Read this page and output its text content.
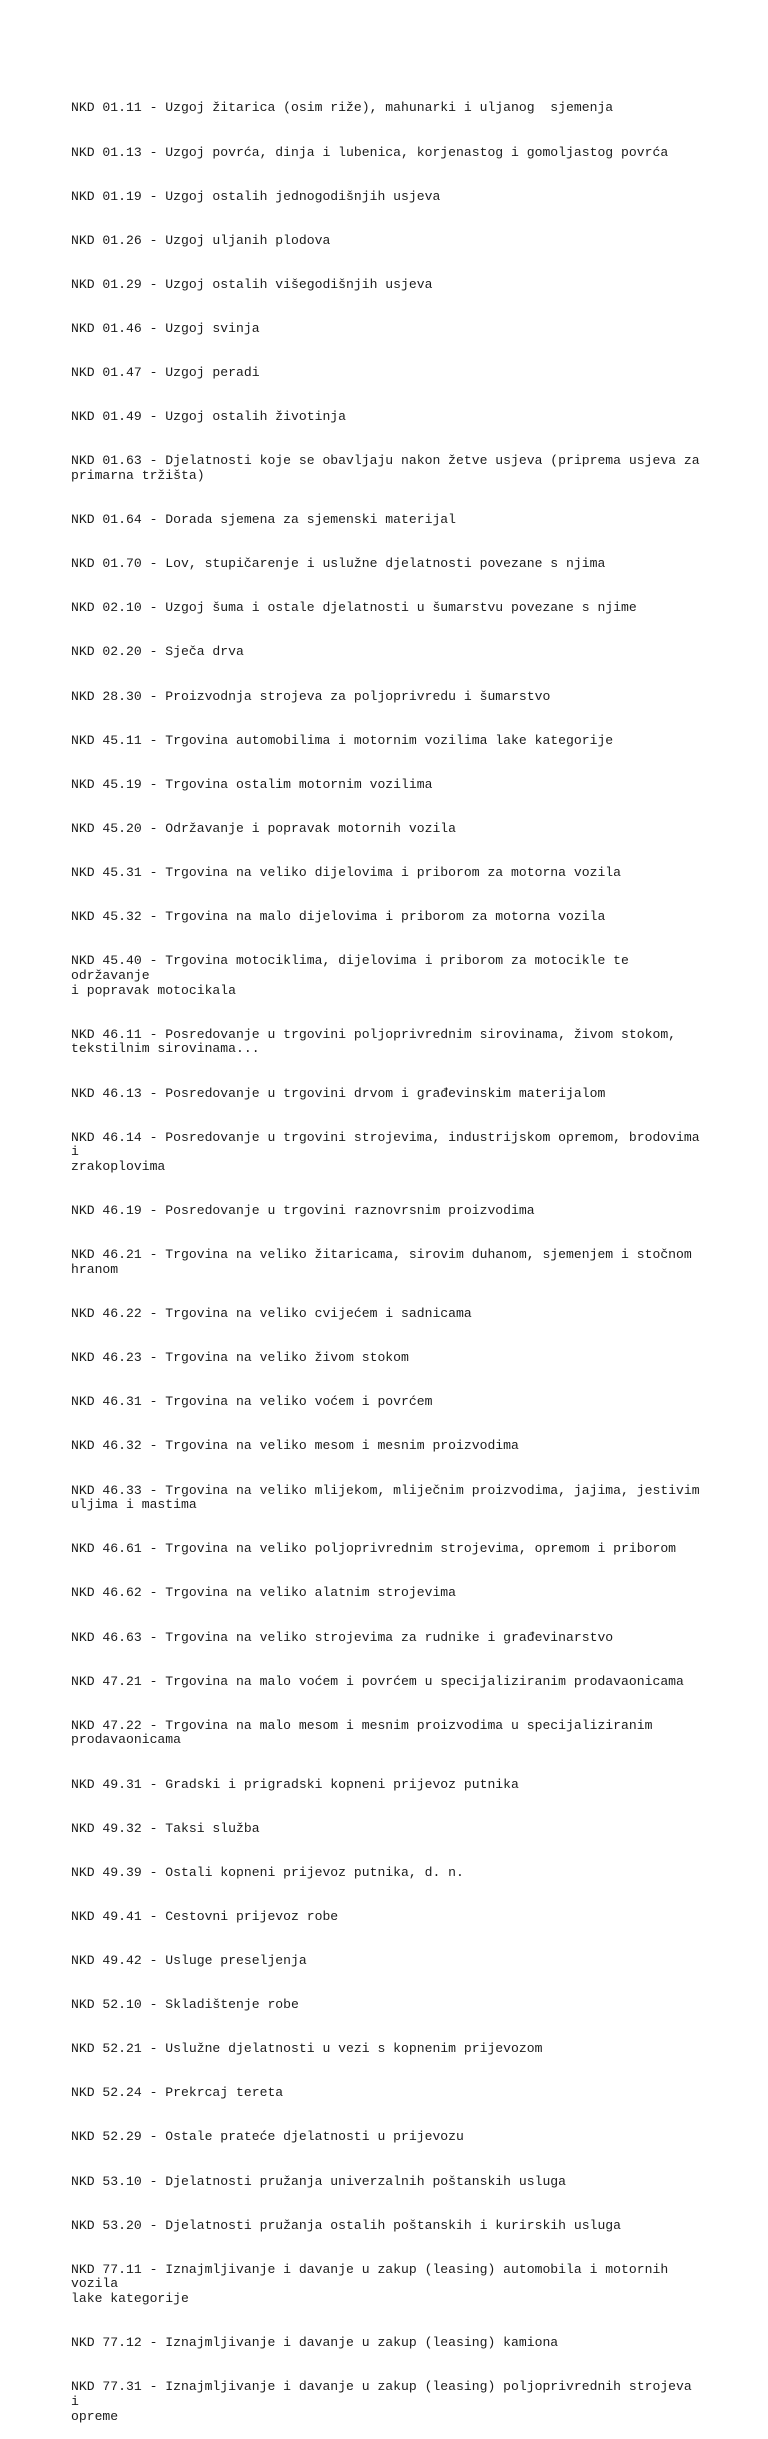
NKD 01.11 - Uzgoj žitarica (osim riže), mahunarki i uljanog  sjemenja

NKD 01.13 - Uzgoj povrća, dinja i lubenica, korjenastog i gomoljastog povrća

NKD 01.19 - Uzgoj ostalih jednogodišnjih usjeva

NKD 01.26 - Uzgoj uljanih plodova

NKD 01.29 - Uzgoj ostalih višegodišnjih usjeva

NKD 01.46 - Uzgoj svinja

NKD 01.47 - Uzgoj peradi

NKD 01.49 - Uzgoj ostalih životinja

NKD 01.63 - Djelatnosti koje se obavljaju nakon žetve usjeva (priprema usjeva za
primarna tržišta)

NKD 01.64 - Dorada sjemena za sjemenski materijal

NKD 01.70 - Lov, stupičarenje i uslužne djelatnosti povezane s njima

NKD 02.10 - Uzgoj šuma i ostale djelatnosti u šumarstvu povezane s njime

NKD 02.20 - Sječa drva

NKD 28.30 - Proizvodnja strojeva za poljoprivredu i šumarstvo

NKD 45.11 - Trgovina automobilima i motornim vozilima lake kategorije

NKD 45.19 - Trgovina ostalim motornim vozilima

NKD 45.20 - Održavanje i popravak motornih vozila

NKD 45.31 - Trgovina na veliko dijelovima i priborom za motorna vozila

NKD 45.32 - Trgovina na malo dijelovima i priborom za motorna vozila

NKD 45.40 - Trgovina motociklima, dijelovima i priborom za motocikle te održavanje
i popravak motocikala

NKD 46.11 - Posredovanje u trgovini poljoprivrednim sirovinama, živom stokom,
tekstilnim sirovinama...

NKD 46.13 - Posredovanje u trgovini drvom i građevinskim materijalom

NKD 46.14 - Posredovanje u trgovini strojevima, industrijskom opremom, brodovima i
zrakoplovima

NKD 46.19 - Posredovanje u trgovini raznovrsnim proizvodima

NKD 46.21 - Trgovina na veliko žitaricama, sirovim duhanom, sjemenjem i stočnom
hranom

NKD 46.22 - Trgovina na veliko cvijećem i sadnicama

NKD 46.23 - Trgovina na veliko živom stokom

NKD 46.31 - Trgovina na veliko voćem i povrćem

NKD 46.32 - Trgovina na veliko mesom i mesnim proizvodima

NKD 46.33 - Trgovina na veliko mlijekom, mliječnim proizvodima, jajima, jestivim
uljima i mastima

NKD 46.61 - Trgovina na veliko poljoprivrednim strojevima, opremom i priborom

NKD 46.62 - Trgovina na veliko alatnim strojevima

NKD 46.63 - Trgovina na veliko strojevima za rudnike i građevinarstvo

NKD 47.21 - Trgovina na malo voćem i povrćem u specijaliziranim prodavaonicama

NKD 47.22 - Trgovina na malo mesom i mesnim proizvodima u specijaliziranim
prodavaonicama

NKD 49.31 - Gradski i prigradski kopneni prijevoz putnika

NKD 49.32 - Taksi služba

NKD 49.39 - Ostali kopneni prijevoz putnika, d. n.

NKD 49.41 - Cestovni prijevoz robe

NKD 49.42 - Usluge preseljenja

NKD 52.10 - Skladištenje robe

NKD 52.21 - Uslužne djelatnosti u vezi s kopnenim prijevozom

NKD 52.24 - Prekrcaj tereta

NKD 52.29 - Ostale prateće djelatnosti u prijevozu

NKD 53.10 - Djelatnosti pružanja univerzalnih poštanskih usluga

NKD 53.20 - Djelatnosti pružanja ostalih poštanskih i kurirskih usluga

NKD 77.11 - Iznajmljivanje i davanje u zakup (leasing) automobila i motornih vozila
lake kategorije

NKD 77.12 - Iznajmljivanje i davanje u zakup (leasing) kamiona

NKD 77.31 - Iznajmljivanje i davanje u zakup (leasing) poljoprivrednih strojeva i
opreme
